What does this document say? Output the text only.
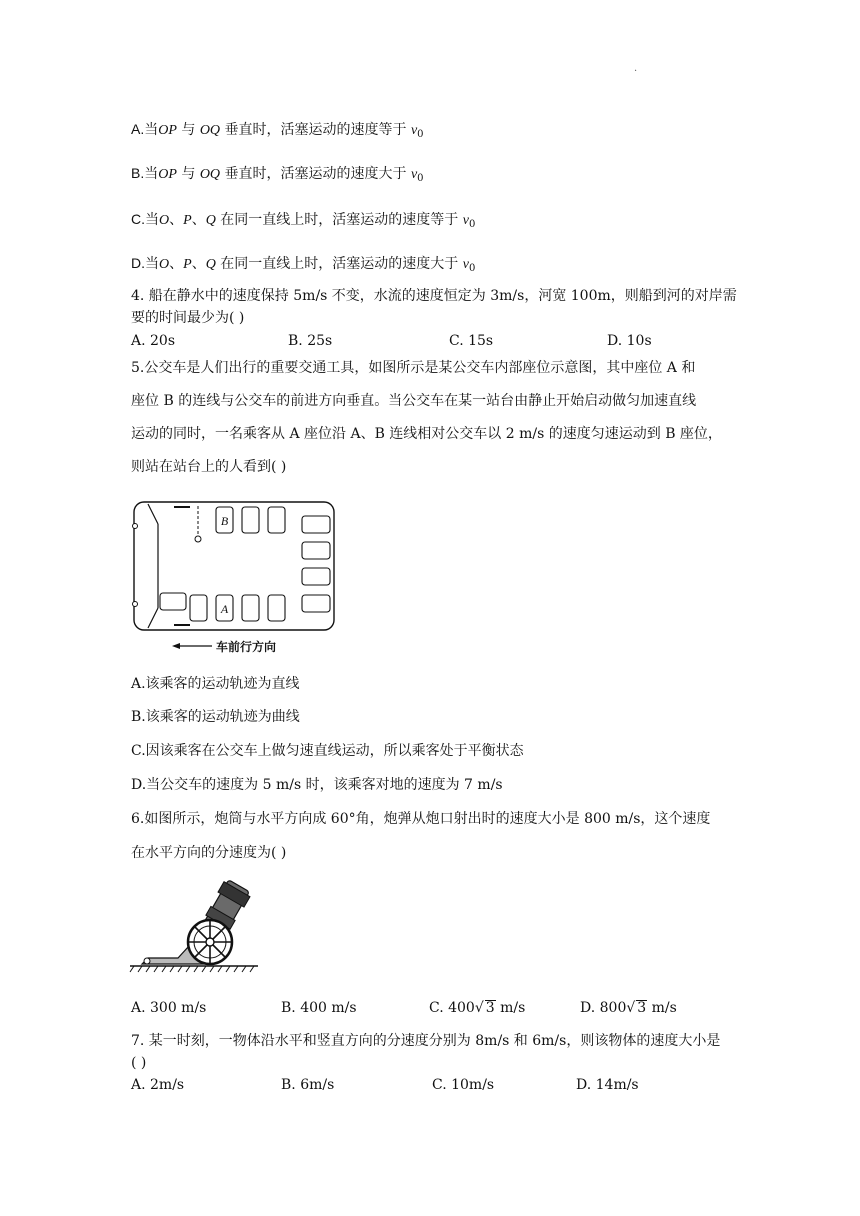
·
A.当OP 与 OQ 垂直时，活塞运动的速度等于 $v_0$
B.当OP 与 OQ 垂直时，活塞运动的速度大于 $v_0$
C.当O、P、Q 在同一直线上时，活塞运动的速度等于 $v_0$
D.当O、P、Q 在同一直线上时，活塞运动的速度大于 $v_0$
4. 船在静水中的速度保持 5m/s 不变，水流的速度恒定为 3m/s，河宽 100m，则船到河的对岸需
要的时间最少为( )
A. 20s	B. 25s	C. 15s	D. 10s
5.公交车是人们出行的重要交通工具，如图所示是某公交车内部座位示意图，其中座位 A 和
座位 B 的连线与公交车的前进方向垂直。当公交车在某一站台由静止开始启动做匀加速直线
运动的同时，一名乘客从 A 座位沿 A、B 连线相对公交车以 2 m/s 的速度匀速运动到 B 座位，
则站在站台上的人看到( )
B
A
车前行方向
A.该乘客的运动轨迹为直线
B.该乘客的运动轨迹为曲线
C.因该乘客在公交车上做匀速直线运动，所以乘客处于平衡状态
D.当公交车的速度为 5 m/s 时，该乘客对地的速度为 7 m/s
6.如图所示，炮筒与水平方向成 60°角，炮弹从炮口射出时的速度大小是 800 m/s，这个速度
在水平方向的分速度为( )
A. 300 m/s	B. 400 m/s	C. 400√ 3 m/s	D. 800√ 3 m/s
7. 某一时刻，一物体沿水平和竖直方向的分速度分别为 8m/s 和 6m/s，则该物体的速度大小是
( )
A. 2m/s	B. 6m/s	C. 10m/s	D. 14m/s
